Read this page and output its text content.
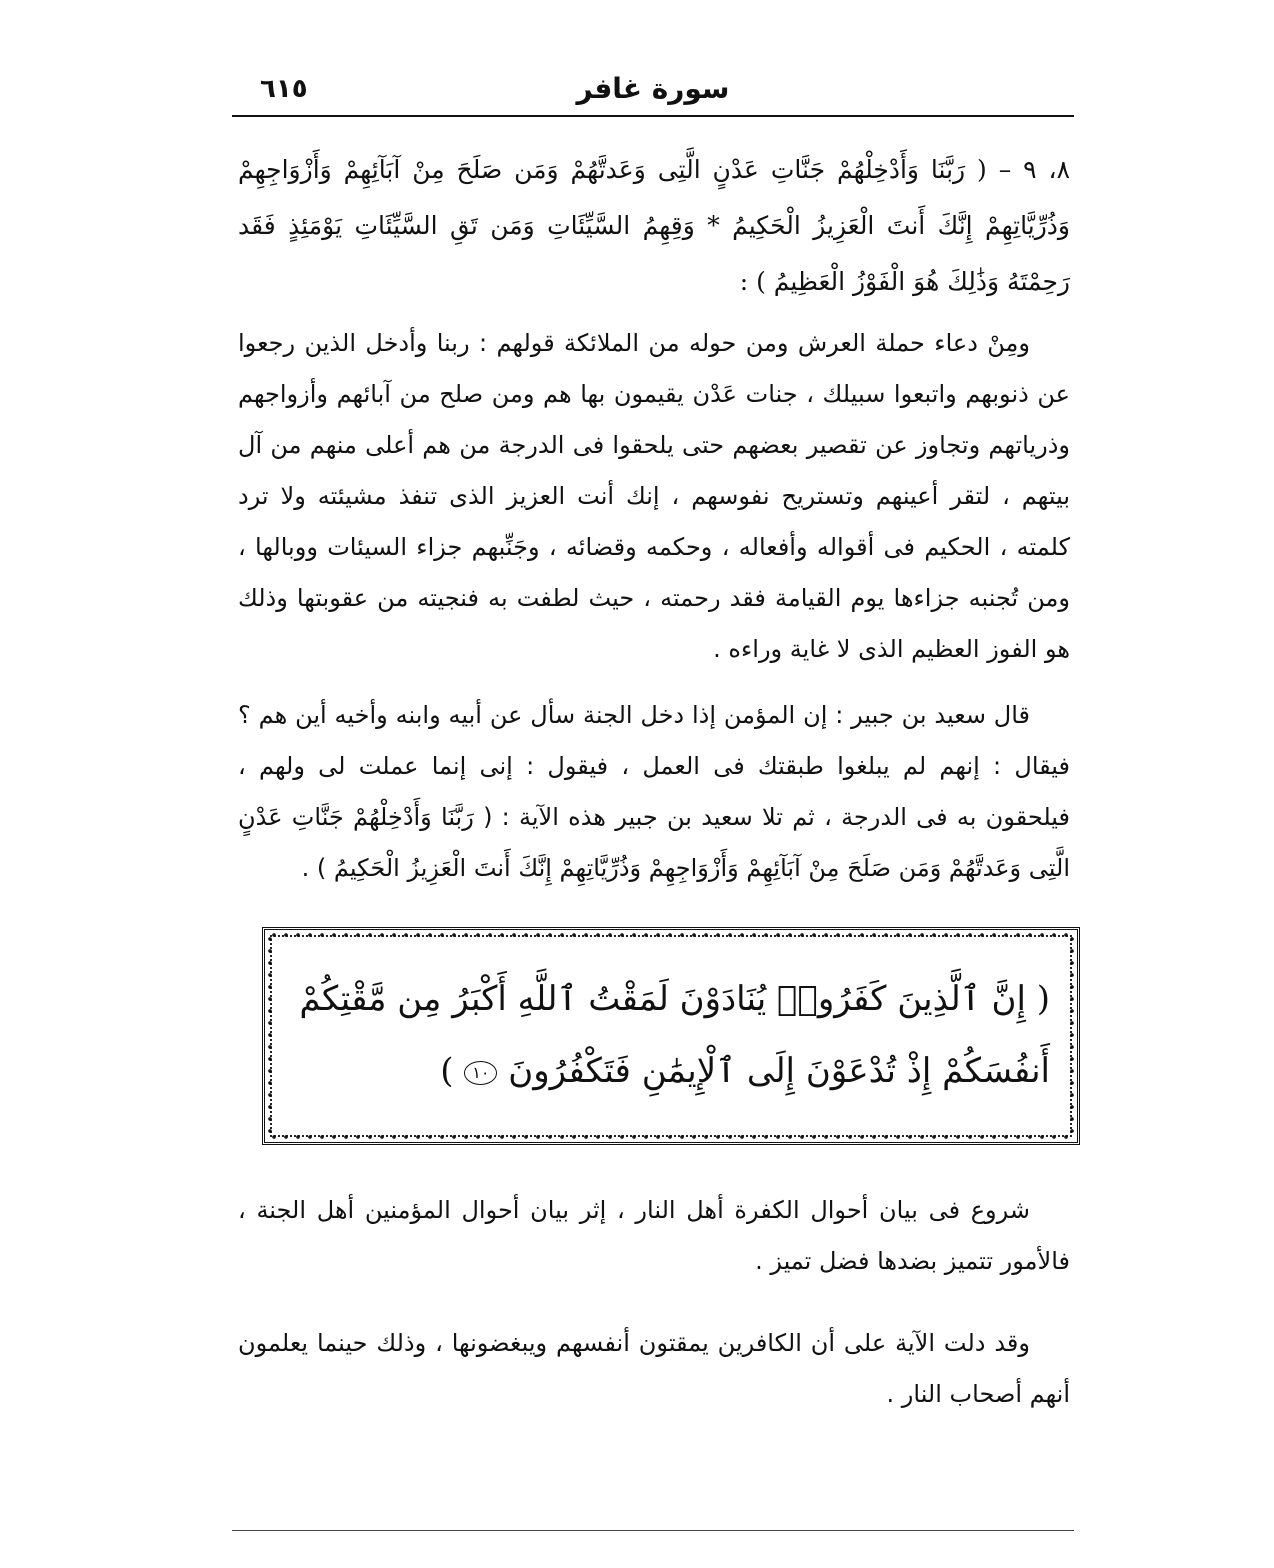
سورة غافر
٦١٥
٨، ٩ – ( رَبَّنَا وَأَدْخِلْهُمْ جَنَّاتِ عَدْنٍ الَّتِى وَعَدتَّهُمْ وَمَن صَلَحَ مِنْ آبَآئِهِمْ وَأَزْوَاجِهِمْ وَذُرِّيَّاتِهِمْ إِنَّكَ أَنتَ الْعَزِيزُ الْحَكِيمُ * وَقِهِمُ السَّيِّئَاتِ وَمَن تَقِ السَّيِّئَاتِ يَوْمَئِذٍ فَقَد رَحِمْتَهُ وَذَٰلِكَ هُوَ الْفَوْزُ الْعَظِيمُ ) :
ومِنْ دعاء حملة العرش ومن حوله من الملائكة قولهم : ربنا وأدخل الذين رجعوا عن ذنوبهم واتبعوا سبيلك ، جنات عَدْن يقيمون بها هم ومن صلح من آبائهم وأزواجهم وذرياتهم وتجاوز عن تقصير بعضهم حتى يلحقوا فى الدرجة من هم أعلى منهم من آل بيتهم ، لتقر أعينهم وتستريح نفوسهم ، إنك أنت العزيز الذى تنفذ مشيئته ولا ترد كلمته ، الحكيم فى أقواله وأفعاله ، وحكمه وقضائه ، وجَنِّبهم جزاء السيئات ووبالها ، ومن تُجنبه جزاءها يوم القيامة فقد رحمته ، حيث لطفت به فنجيته من عقوبتها وذلك هو الفوز العظيم الذى لا غاية وراءه .
قال سعيد بن جبير : إن المؤمن إذا دخل الجنة سأل عن أبيه وابنه وأخيه أين هم ؟ فيقال : إنهم لم يبلغوا طبقتك فى العمل ، فيقول : إنى إنما عملت لى ولهم ، فيلحقون به فى الدرجة ، ثم تلا سعيد بن جبير هذه الآية : ( رَبَّنَا وَأَدْخِلْهُمْ جَنَّاتِ عَدْنٍ الَّتِى وَعَدتَّهُمْ وَمَن صَلَحَ مِنْ آبَآئِهِمْ وَأَزْوَاجِهِمْ وَذُرِّيَّاتِهِمْ إِنَّكَ أَنتَ الْعَزِيزُ الْحَكِيمُ ) .
( إِنَّ ٱلَّذِينَ كَفَرُوا۟ يُنَادَوْنَ لَمَقْتُ ٱللَّهِ أَكْبَرُ مِن مَّقْتِكُمْ أَنفُسَكُمْ إِذْ تُدْعَوْنَ إِلَى ٱلْإِيمَٰنِ فَتَكْفُرُونَ ١٠ )
شروع فى بيان أحوال الكفرة أهل النار ، إثر بيان أحوال المؤمنين أهل الجنة ، فالأمور تتميز بضدها فضل تميز .
وقد دلت الآية على أن الكافرين يمقتون أنفسهم ويبغضونها ، وذلك حينما يعلمون أنهم أصحاب النار .
